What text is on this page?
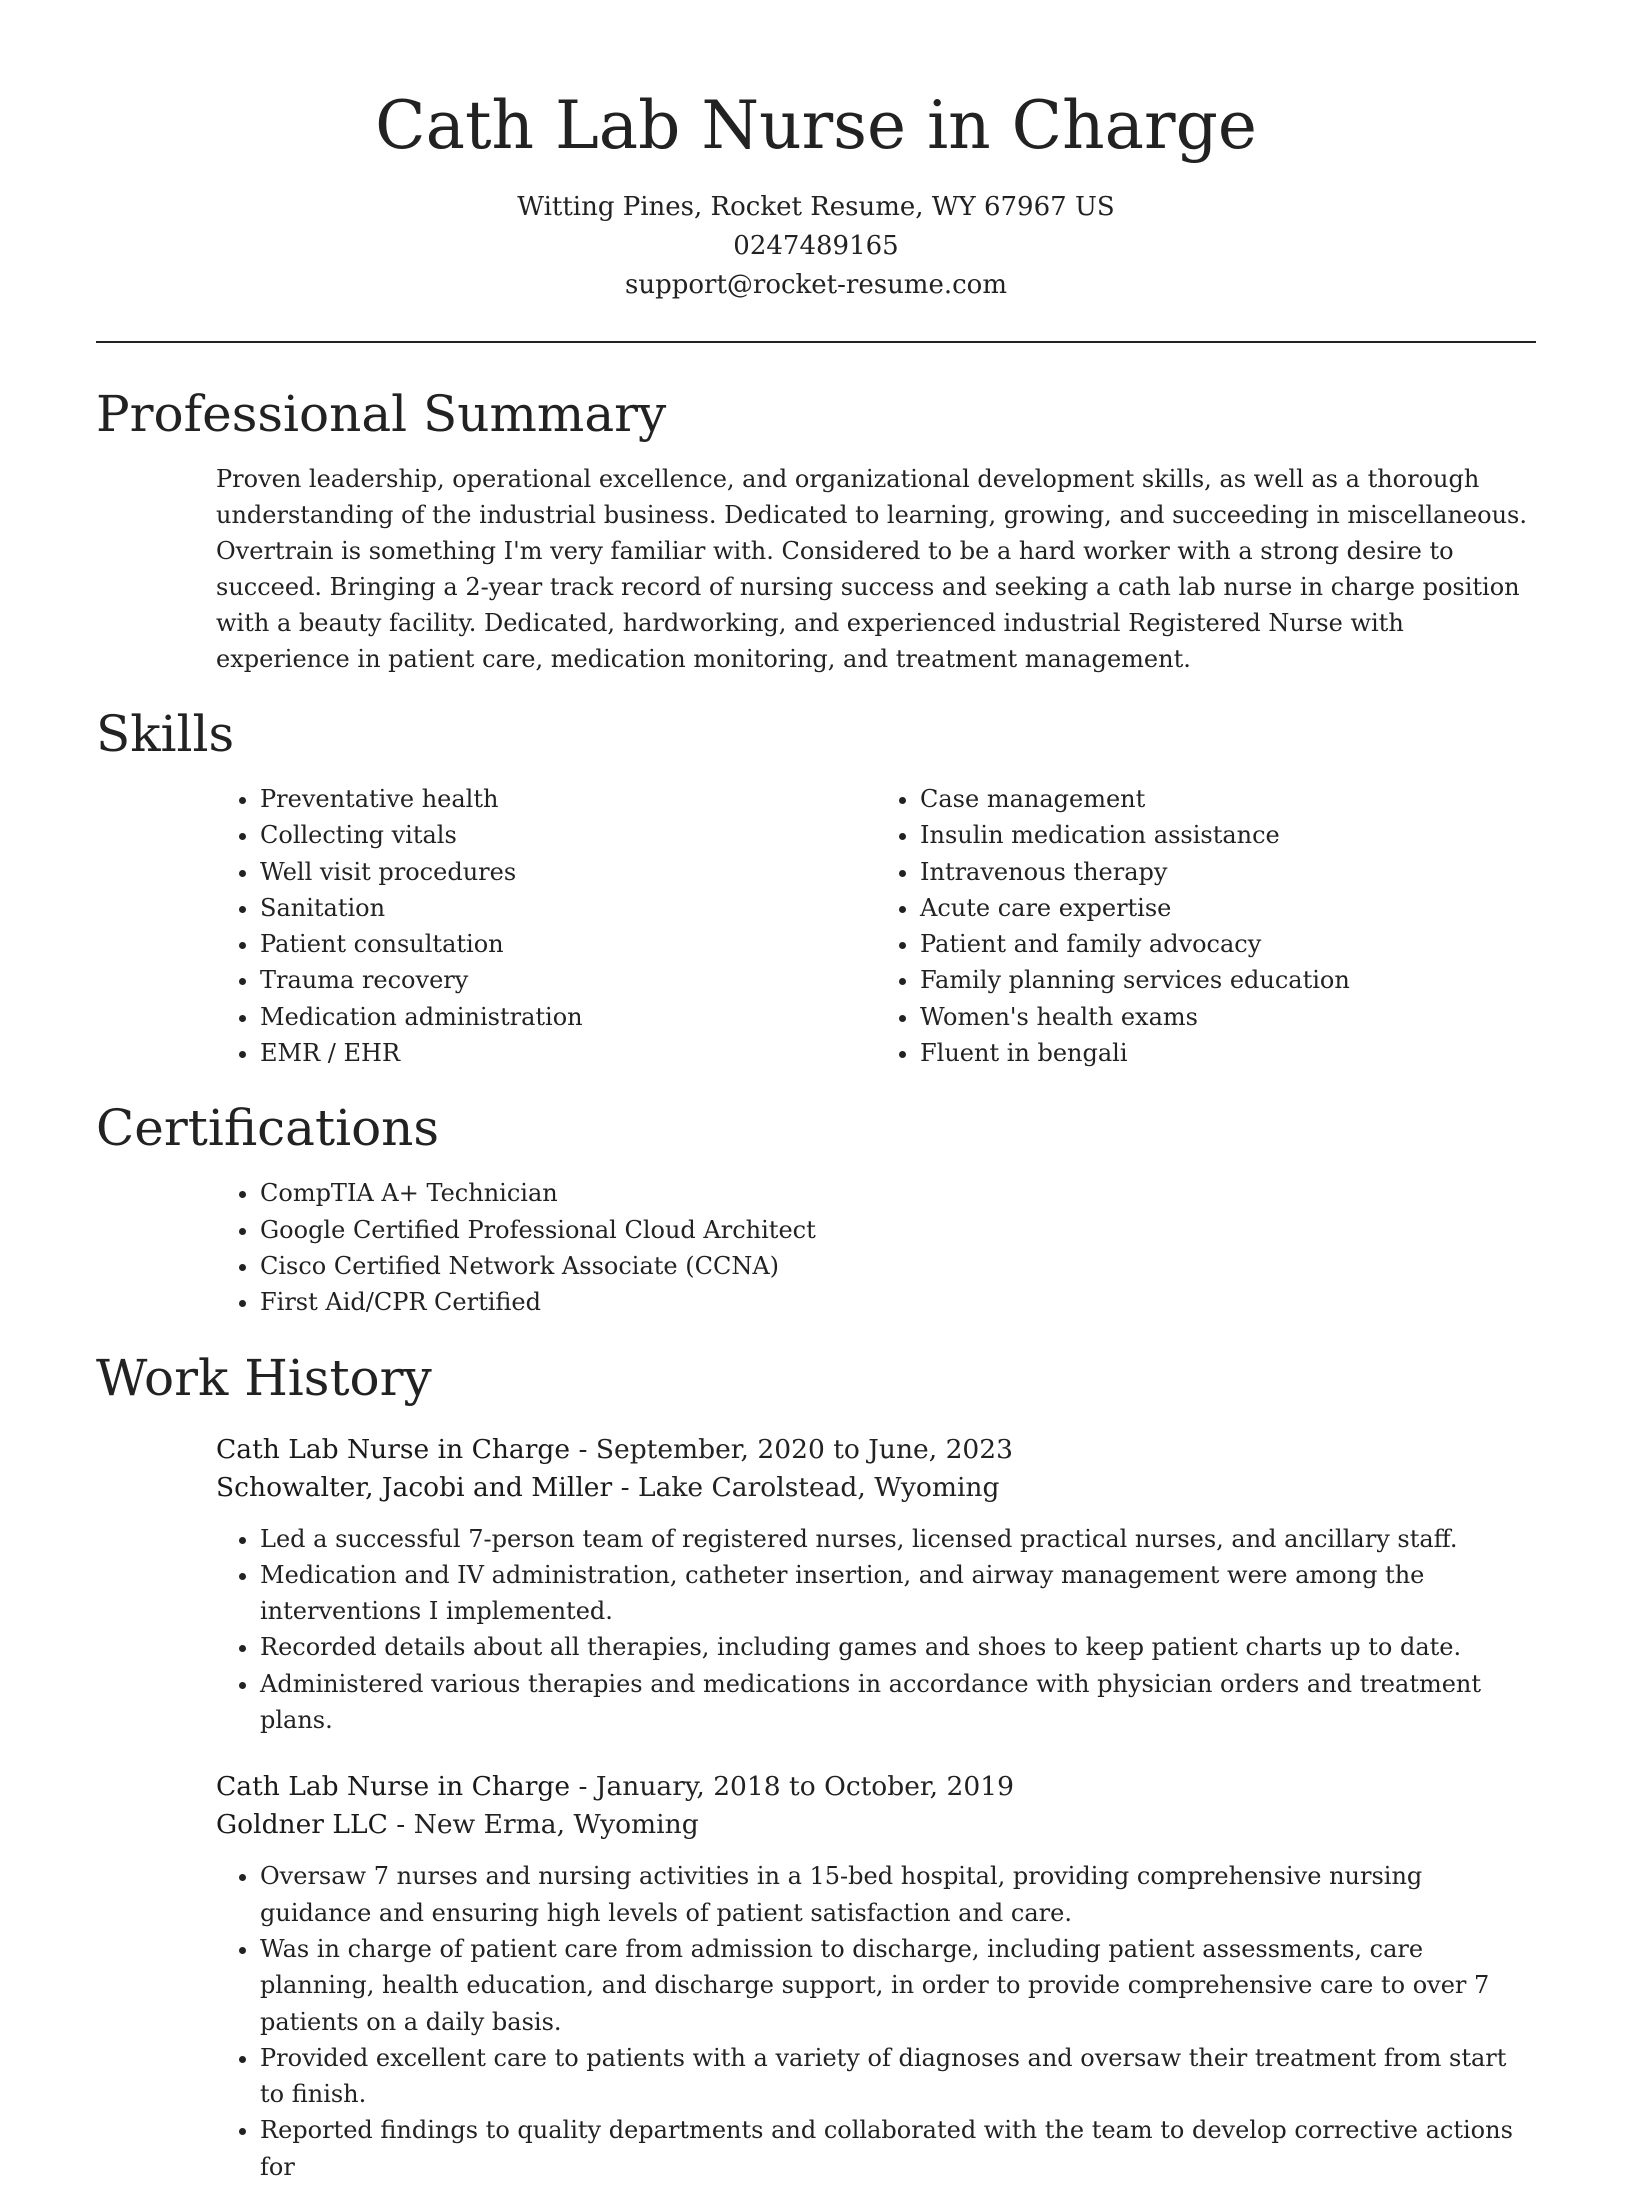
Cath Lab Nurse in Charge
Witting Pines, Rocket Resume, WY 67967 US
0247489165
support@rocket-resume.com
Professional Summary

Proven leadership, operational excellence, and organizational development skills, as well as a thorough understanding of the industrial business. Dedicated to learning, growing, and succeeding in miscellaneous. Overtrain is something I'm very familiar with. Considered to be a hard worker with a strong desire to succeed. Bringing a 2-year track record of nursing success and seeking a cath lab nurse in charge position with a beauty facility. Dedicated, hardworking, and experienced industrial Registered Nurse with experience in patient care, medication monitoring, and treatment management.

Skills
• Preventative health
• Collecting vitals
• Well visit procedures
• Sanitation
• Patient consultation
• Trauma recovery
• Medication administration
• EMR / EHR
• Case management
• Insulin medication assistance
• Intravenous therapy
• Acute care expertise
• Patient and family advocacy
• Family planning services education
• Women's health exams
• Fluent in bengali
Certifications
• CompTIA A+ Technician
• Google Certified Professional Cloud Architect
• Cisco Certified Network Associate (CCNA)
• First Aid/CPR Certified
Work History
Cath Lab Nurse in Charge - September, 2020 to June, 2023
Schowalter, Jacobi and Miller - Lake Carolstead, Wyoming
• Led a successful 7-person team of registered nurses, licensed practical nurses, and ancillary staff.
• Medication and IV administration, catheter insertion, and airway management were among the interventions I implemented.
• Recorded details about all therapies, including games and shoes to keep patient charts up to date.
• Administered various therapies and medications in accordance with physician orders and treatment plans.
Cath Lab Nurse in Charge - January, 2018 to October, 2019
Goldner LLC - New Erma, Wyoming
• Oversaw 7 nurses and nursing activities in a 15-bed hospital, providing comprehensive nursing guidance and ensuring high levels of patient satisfaction and care.
• Was in charge of patient care from admission to discharge, including patient assessments, care planning, health education, and discharge support, in order to provide comprehensive care to over 7 patients on a daily basis.
• Provided excellent care to patients with a variety of diagnoses and oversaw their treatment from start to finish.
• Reported findings to quality departments and collaborated with the team to develop corrective actions for
